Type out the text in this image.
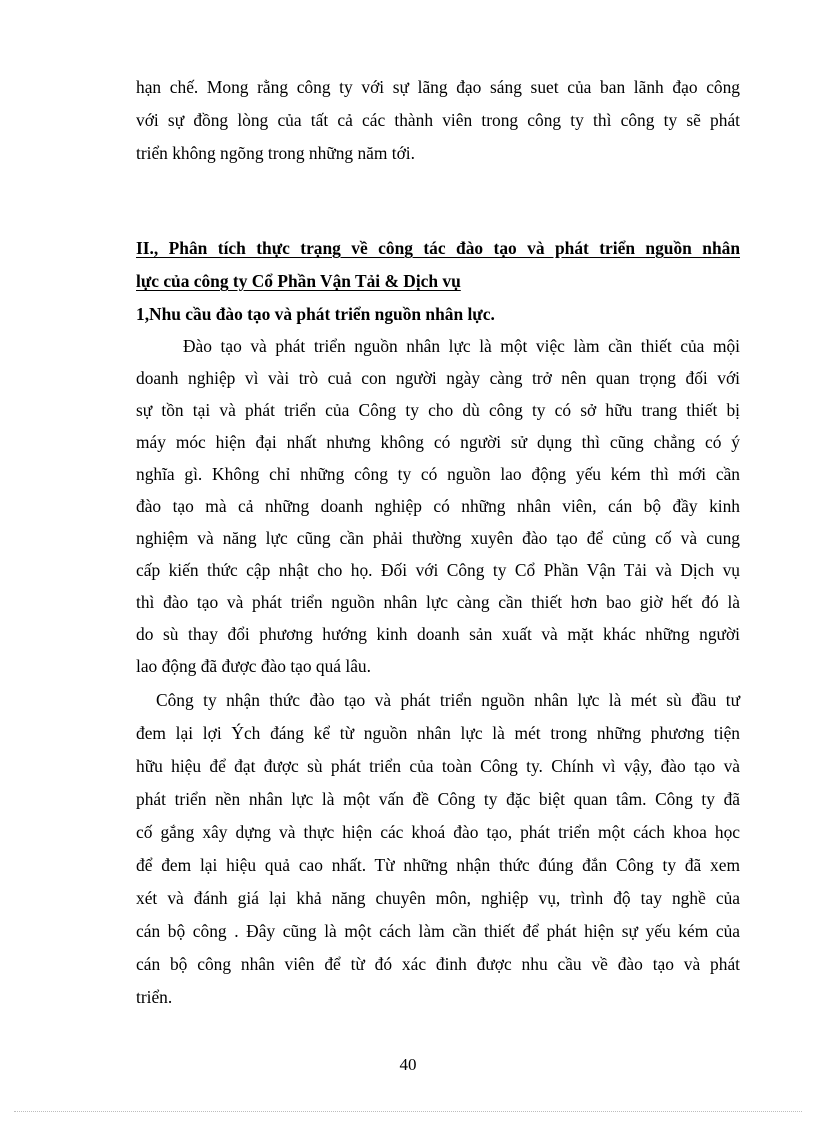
hạn chế. Mong rằng công ty với sự lãng đạo sáng suet của ban lãnh đạo công
với sự đồng lòng của tất cả các thành viên trong công ty thì công ty sẽ phát
triển không ngõng trong những năm tới.
II., Phân tích thực trạng về công tác đào tạo và phát triển nguồn nhân
lực của công ty Cổ Phần Vận Tải & Dịch vụ
1,Nhu cầu đào tạo và phát triển nguồn nhân lực.
Đào tạo và phát triển nguồn nhân lực là một việc làm cần thiết của mội
doanh nghiệp vì vài trò cuả con người ngày càng trở nên quan trọng đối với
sự tồn tại và phát triển của Công ty cho dù công ty có sở hữu trang thiết bị
máy móc hiện đại nhất nhưng không có người sử dụng thì cũng chẳng có ý
nghĩa gì. Không chỉ những công ty có nguồn lao động yếu kém thì mới cần
đào tạo mà cả những doanh nghiệp có những nhân viên, cán bộ đầy kinh
nghiệm và năng lực cũng cần phải thường xuyên đào tạo để củng cố và cung
cấp kiến thức cập nhật cho họ. Đối với Công ty Cổ Phần Vận Tải và Dịch vụ
thì đào tạo và phát triển nguồn nhân lực càng cần thiết hơn bao giờ hết đó là
do sù thay đổi phương hướng kinh doanh sản xuất và mặt khác những người
lao động đã được đào tạo quá lâu.
Công ty nhận thức đào tạo và phát triển nguồn nhân lực là mét sù đầu tư
đem lại lợi Ých đáng kể từ nguồn nhân lực là mét trong những phương tiện
hữu hiệu để đạt được sù phát triển của toàn Công ty. Chính vì vậy, đào tạo và
phát triển nền nhân lực là một vấn đề Công ty đặc biệt quan tâm. Công ty đã
cố gắng xây dựng và thực hiện các khoá đào tạo, phát triển một cách khoa học
để đem lại hiệu quả cao nhất. Từ những nhận thức đúng đắn Công ty đã xem
xét và đánh giá lại khả năng chuyên môn, nghiệp vụ, trình độ tay nghề của
cán bộ công . Đây cũng là một cách làm cần thiết để phát hiện sự yếu kém của
cán bộ công nhân viên để từ đó xác đinh được nhu cầu về đào tạo và phát
triển.
40
